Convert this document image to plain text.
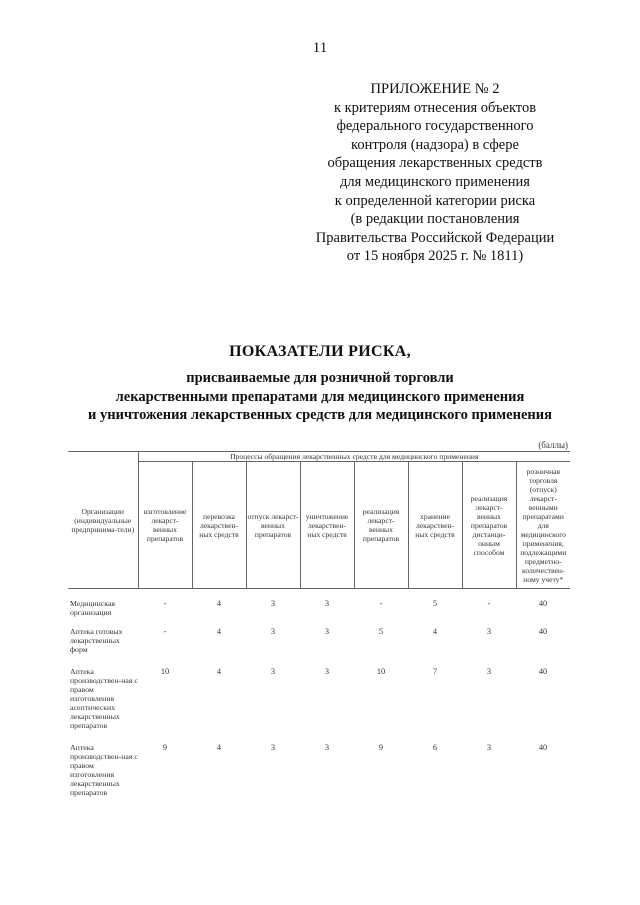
11
ПРИЛОЖЕНИЕ № 2
к критериям отнесения объектов
федерального государственного
контроля (надзора) в сфере
обращения лекарственных средств
для медицинского применения
к определенной категории риска
(в редакции постановления
Правительства Российской Федерации
от 15 ноября 2025 г. № 1811)
ПОКАЗАТЕЛИ РИСКА,
присваиваемые для розничной торговли
лекарственными препаратами для медицинского применения
и уничтожения лекарственных средств для медицинского применения
(баллы)
Организации (индивидуальные предпринима-тели)	Процессы обращения лекарственных средств для медицинского применения							
	изготовление лекарст-венных препаратов	перевозка лекарствен-ных средств	отпуск лекарст-венных препаратов	уничтожение лекарствен-ных средств	реализация лекарст-венных препаратов	хранение лекарствен-ных средств	реализация лекарст-венных препаратов дистанци-онным способом	розничная торговля (отпуск) лекарст-венными препаратами для медицинского применения, подлежащими предметно-количествен-ному учету*
Медицинская организация	-	4	3	3	-	5	-	40
Аптека готовых лекарственных форм	-	4	3	3	5	4	3	40
Аптека производствен-ная с правом изготовления асептических лекарственных препаратов	10	4	3	3	10	7	3	40
Аптека производствен-ная с правом изготовления лекарственных препаратов	9	4	3	3	9	6	3	40
